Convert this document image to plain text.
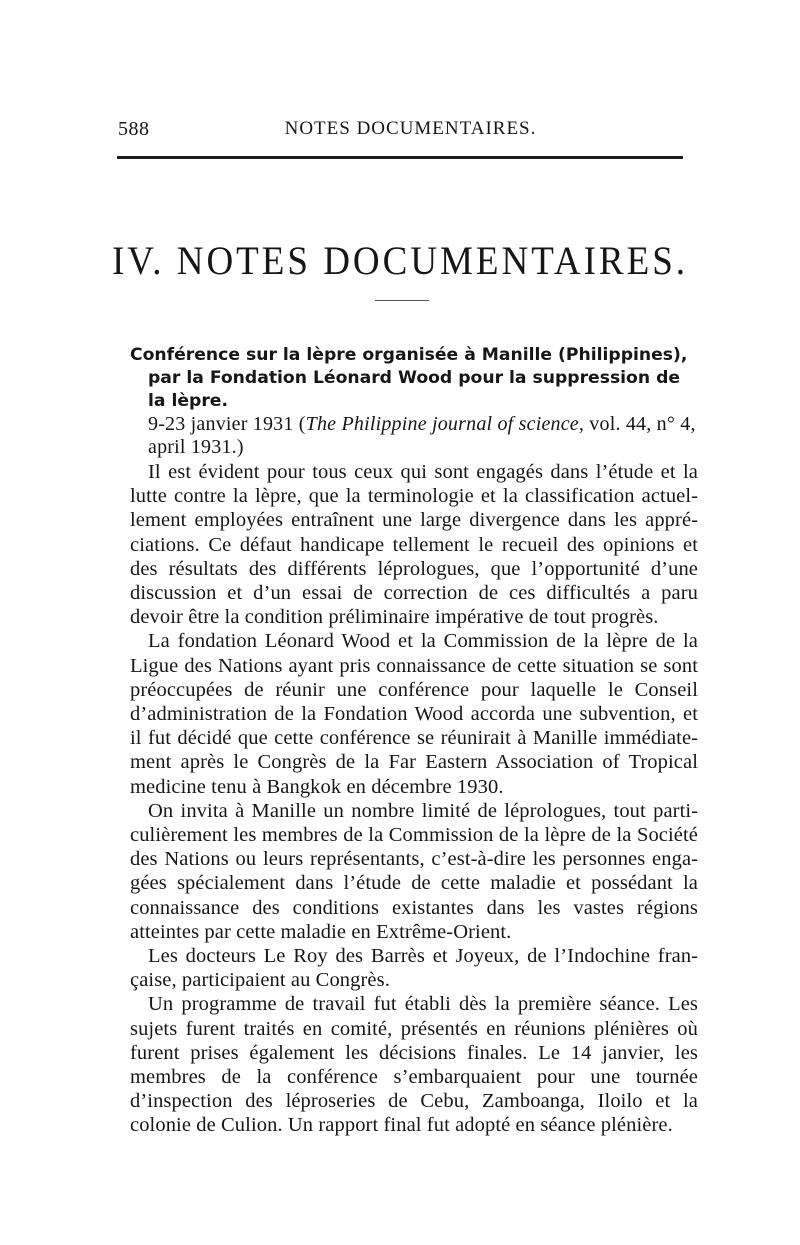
588	NOTES DOCUMENTAIRES.
IV. NOTES DOCUMENTAIRES.

Conférence sur la lèpre organisée à Manille (Philippines), par la Fondation Léonard Wood pour la suppression de la lèpre.

9-23 janvier 1931 (The Philippine journal of science, vol. 44, n° 4, april 1931.)

Il est évident pour tous ceux qui sont engagés dans l’étude et la lutte contre la lèpre, que la terminologie et la classification actuellement employées entraînent une large divergence dans les appréciations. Ce défaut handicape tellement le recueil des opinions et des résultats des différents léprologues, que l’opportunité d’une discussion et d’un essai de correction de ces difficultés a paru devoir être la condition préliminaire impérative de tout progrès.

La fondation Léonard Wood et la Commission de la lèpre de la Ligue des Nations ayant pris connaissance de cette situation se sont préoccupées de réunir une conférence pour laquelle le Conseil d’administration de la Fondation Wood accorda une subvention, et il fut décidé que cette conférence se réunirait à Manille immédiatement après le Congrès de la Far Eastern Association of Tropical medicine tenu à Bangkok en décembre 1930.

On invita à Manille un nombre limité de léprologues, tout particulièrement les membres de la Commission de la lèpre de la Société des Nations ou leurs représentants, c’est-à-dire les personnes engagées spécialement dans l’étude de cette maladie et possédant la connaissance des conditions existantes dans les vastes régions atteintes par cette maladie en Extrême-Orient.

Les docteurs Le Roy des Barrès et Joyeux, de l’Indochine française, participaient au Congrès.

Un programme de travail fut établi dès la première séance. Les sujets furent traités en comité, présentés en réunions plénières où furent prises également les décisions finales. Le 14 janvier, les membres de la conférence s’embarquaient pour une tournée d’inspection des léproseries de Cebu, Zamboanga, Iloilo et la colonie de Culion. Un rapport final fut adopté en séance plénière.
